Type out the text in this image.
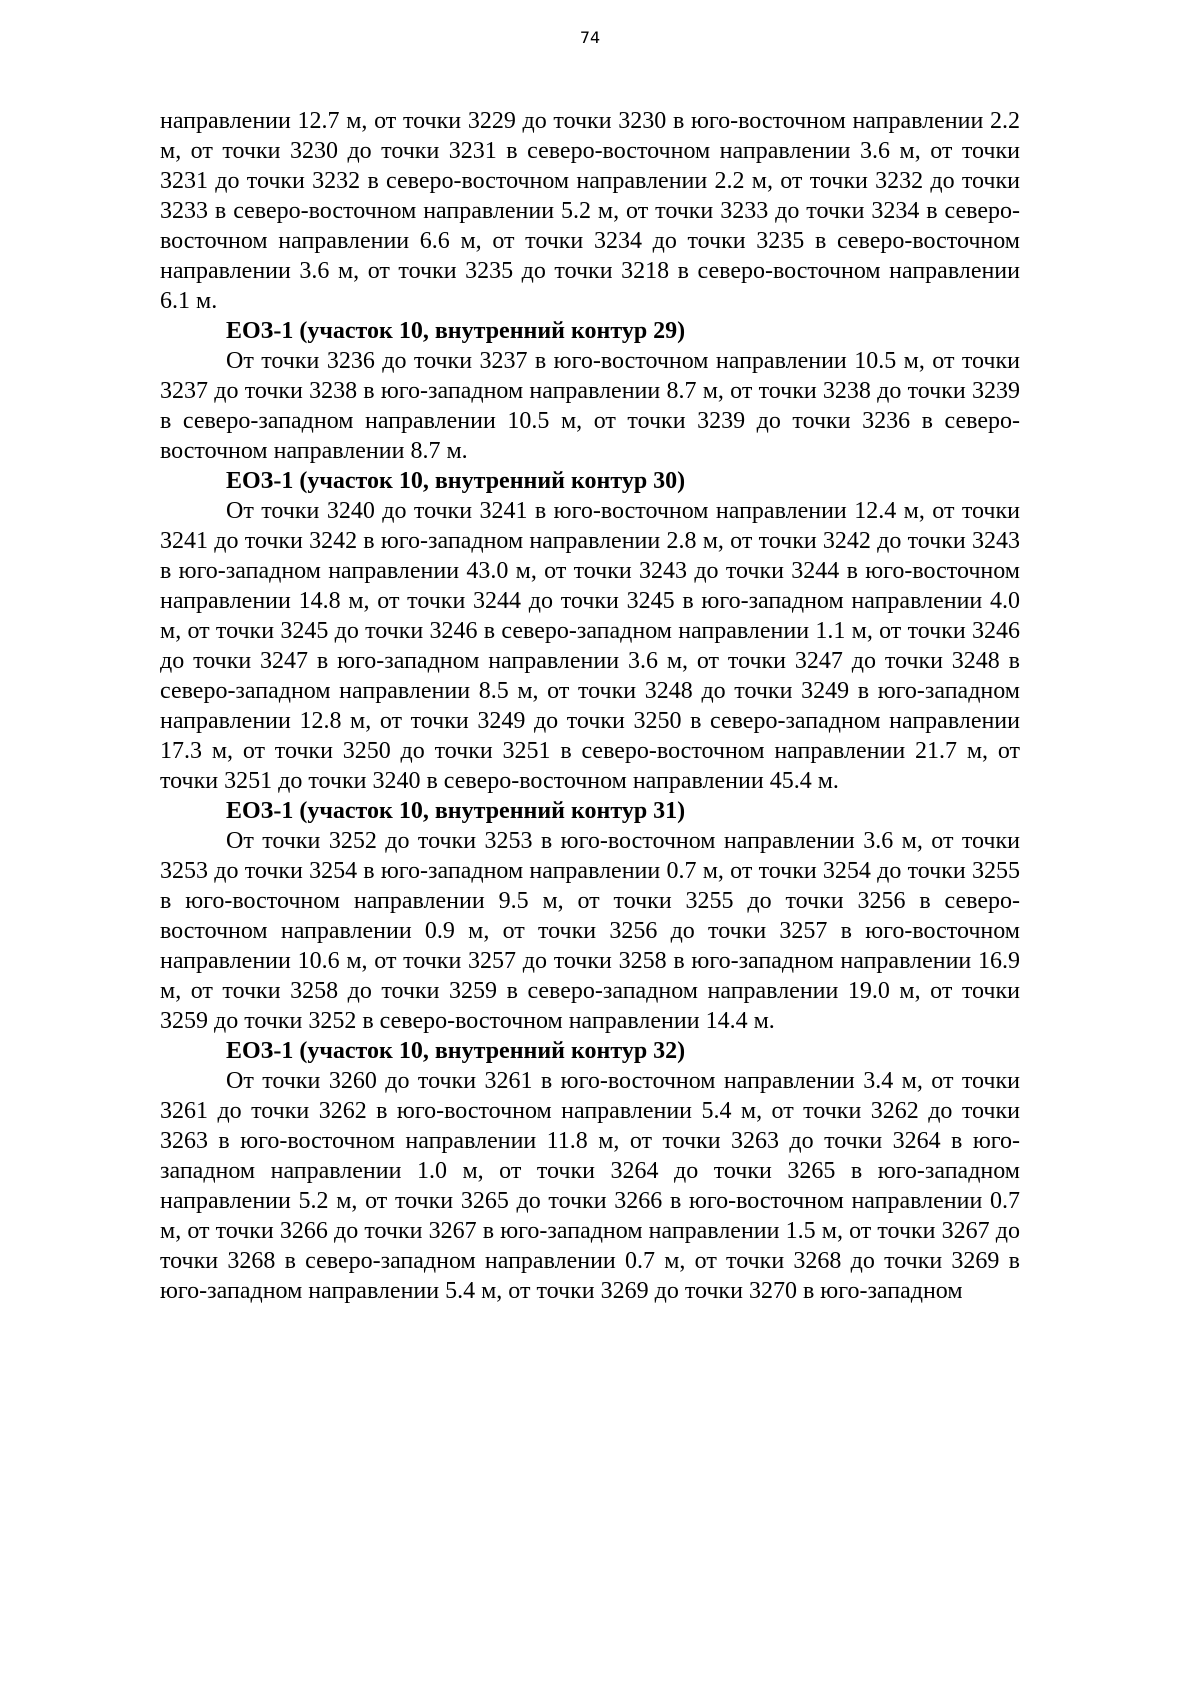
74

направлении 12.7 м, от точки 3229 до точки 3230 в юго-восточном направлении 2.2 м, от точки 3230 до точки 3231 в северо-восточном направлении 3.6 м, от точки 3231 до точки 3232 в северо-восточном направлении 2.2 м, от точки 3232 до точки 3233 в северо-восточном направлении 5.2 м, от точки 3233 до точки 3234 в северо-восточном направлении 6.6 м, от точки 3234 до точки 3235 в северо-восточном направлении 3.6 м, от точки 3235 до точки 3218 в северо-восточном направлении 6.1 м.

ЕОЗ-1 (участок 10, внутренний контур 29)

От точки 3236 до точки 3237 в юго-восточном направлении 10.5 м, от точки 3237 до точки 3238 в юго-западном направлении 8.7 м, от точки 3238 до точки 3239 в северо-западном направлении 10.5 м, от точки 3239 до точки 3236 в северо-восточном направлении 8.7 м.

ЕОЗ-1 (участок 10, внутренний контур 30)

От точки 3240 до точки 3241 в юго-восточном направлении 12.4 м, от точки 3241 до точки 3242 в юго-западном направлении 2.8 м, от точки 3242 до точки 3243 в юго-западном направлении 43.0 м, от точки 3243 до точки 3244 в юго-восточном направлении 14.8 м, от точки 3244 до точки 3245 в юго-западном направлении 4.0 м, от точки 3245 до точки 3246 в северо-западном направлении 1.1 м, от точки 3246 до точки 3247 в юго-западном направлении 3.6 м, от точки 3247 до точки 3248 в северо-западном направлении 8.5 м, от точки 3248 до точки 3249 в юго-западном направлении 12.8 м, от точки 3249 до точки 3250 в северо-западном направлении 17.3 м, от точки 3250 до точки 3251 в северо-восточном направлении 21.7 м, от точки 3251 до точки 3240 в северо-восточном направлении 45.4 м.

ЕОЗ-1 (участок 10, внутренний контур 31)

От точки 3252 до точки 3253 в юго-восточном направлении 3.6 м, от точки 3253 до точки 3254 в юго-западном направлении 0.7 м, от точки 3254 до точки 3255 в юго-восточном направлении 9.5 м, от точки 3255 до точки 3256 в северо-восточном направлении 0.9 м, от точки 3256 до точки 3257 в юго-восточном направлении 10.6 м, от точки 3257 до точки 3258 в юго-западном направлении 16.9 м, от точки 3258 до точки 3259 в северо-западном направлении 19.0 м, от точки 3259 до точки 3252 в северо-восточном направлении 14.4 м.

ЕОЗ-1 (участок 10, внутренний контур 32)

От точки 3260 до точки 3261 в юго-восточном направлении 3.4 м, от точки 3261 до точки 3262 в юго-восточном направлении 5.4 м, от точки 3262 до точки 3263 в юго-восточном направлении 11.8 м, от точки 3263 до точки 3264 в юго-западном направлении 1.0 м, от точки 3264 до точки 3265 в юго-западном направлении 5.2 м, от точки 3265 до точки 3266 в юго-восточном направлении 0.7 м, от точки 3266 до точки 3267 в юго-западном направлении 1.5 м, от точки 3267 до точки 3268 в северо-западном направлении 0.7 м, от точки 3268 до точки 3269 в юго-западном направлении 5.4 м, от точки 3269 до точки 3270 в юго-западном
